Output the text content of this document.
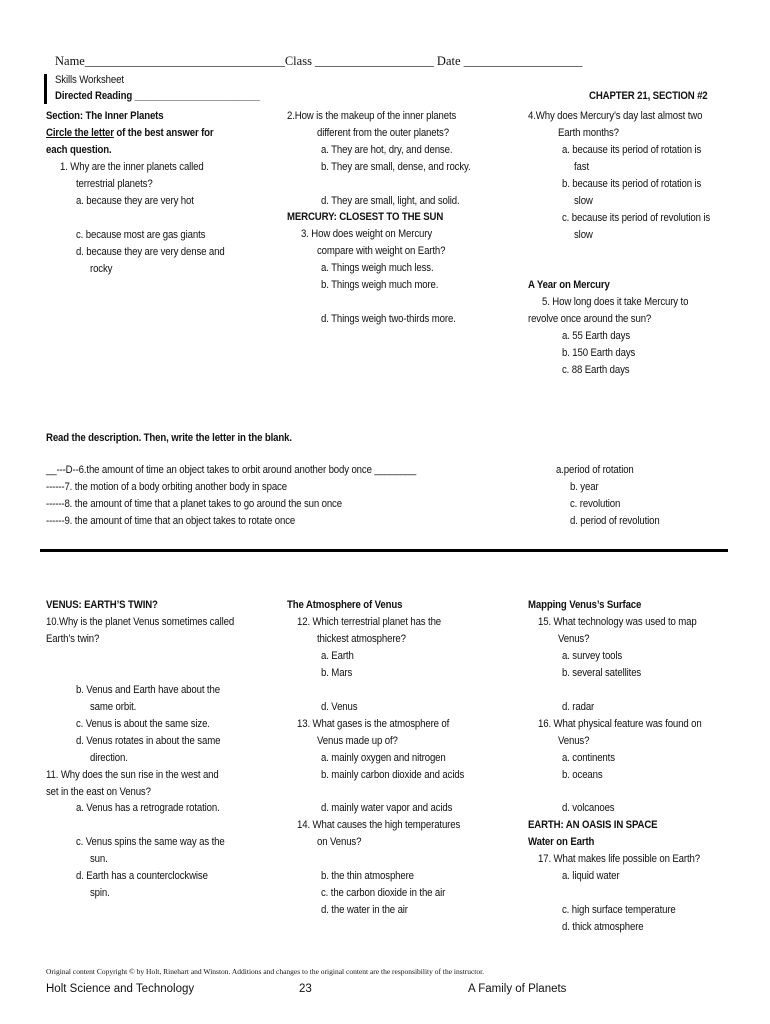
Name________________________________Class ___________________ Date ___________________
Skills Worksheet
Directed Reading ________________________	CHAPTER 21, SECTION #2
Section: The Inner Planets
Circle the letter of the best answer for
each question.
1. Why are the inner planets called
terrestrial planets?
a. because they are very hot
c. because most are gas giants
d. because they are very dense and
rocky
2.How is the makeup of the inner planets
different from the outer planets?
a. They are hot, dry, and dense.
b. They are small, dense, and rocky.
d. They are small, light, and solid.
MERCURY: CLOSEST TO THE SUN
3. How does weight on Mercury
compare with weight on Earth?
a. Things weigh much less.
b. Things weigh much more.
d. Things weigh two-thirds more.
4.Why does Mercury’s day last almost two
Earth months?
a. because its period of rotation is
fast
b. because its period of rotation is
slow
c. because its period of revolution is
slow
A Year on Mercury
5. How long does it take Mercury to
revolve once around the sun?
a. 55 Earth days
b. 150 Earth days
c. 88 Earth days
Read the description. Then, write the letter in the blank.
__---D--6.the amount of time an object takes to orbit around another body once ________
------7. the motion of a body orbiting another body in space
------8. the amount of time that a planet takes to go around the sun once
------9. the amount of time that an object takes to rotate once
a.period of rotation
b. year
c. revolution
d. period of revolution
VENUS: EARTH’S TWIN?
10.Why is the planet Venus sometimes called
Earth’s twin?
b. Venus and Earth have about the
same orbit.
c. Venus is about the same size.
d. Venus rotates in about the same
direction.
11. Why does the sun rise in the west and
set in the east on Venus?
a. Venus has a retrograde rotation.
c. Venus spins the same way as the
sun.
d. Earth has a counterclockwise
spin.
The Atmosphere of Venus
12. Which terrestrial planet has the
thickest atmosphere?
a. Earth
b. Mars
d. Venus
13. What gases is the atmosphere of
Venus made up of?
a. mainly oxygen and nitrogen
b. mainly carbon dioxide and acids
d. mainly water vapor and acids
14. What causes the high temperatures
on Venus?
b. the thin atmosphere
c. the carbon dioxide in the air
d. the water in the air
Mapping Venus’s Surface
15. What technology was used to map
Venus?
a. survey tools
b. several satellites
d. radar
16. What physical feature was found on
Venus?
a. continents
b. oceans
d. volcanoes
EARTH: AN OASIS IN SPACE
Water on Earth
17. What makes life possible on Earth?
a. liquid water
c. high surface temperature
d. thick atmosphere
Original content Copyright © by Holt, Rinehart and Winston. Additions and changes to the original content are the responsibility of the instructor.
Holt Science and Technology	23	A Family of Planets
